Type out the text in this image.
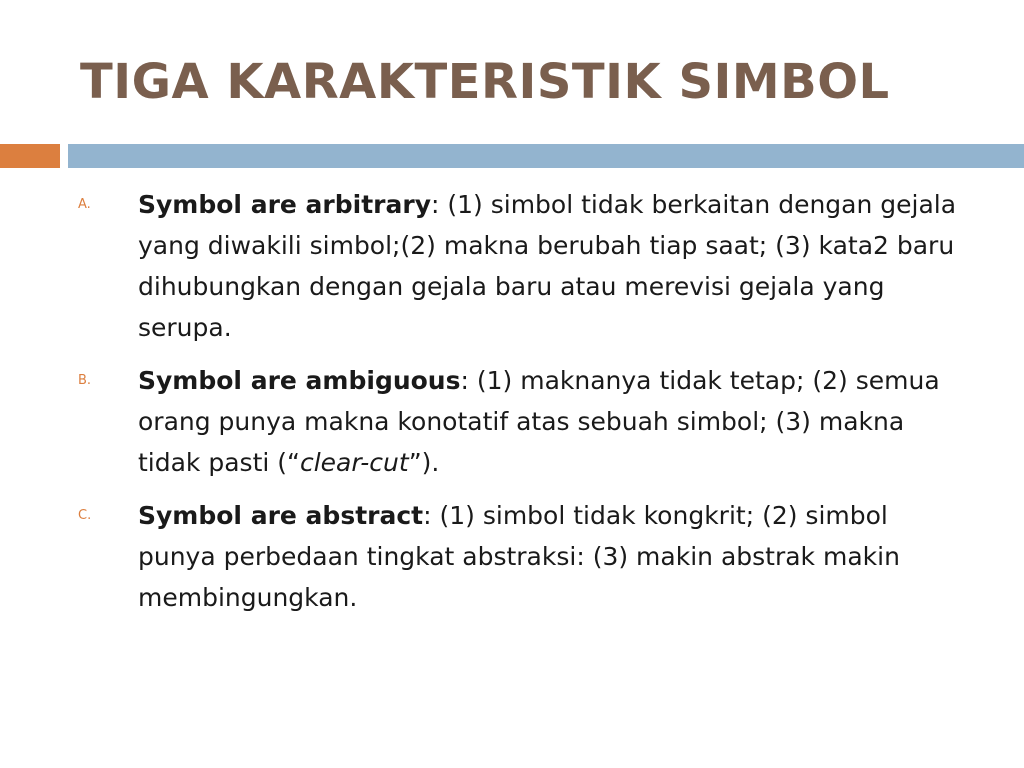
TIGA KARAKTERISTIK SIMBOL
A. Symbol are arbitrary: (1) simbol tidak berkaitan dengan gejala yang diwakili simbol;(2) makna berubah tiap saat; (3) kata2 baru dihubungkan dengan gejala baru atau merevisi gejala yang serupa.
B. Symbol are ambiguous: (1) maknanya tidak tetap; (2) semua orang punya makna konotatif atas sebuah simbol; (3) makna tidak pasti (“clear-cut”).
C. Symbol are abstract: (1) simbol tidak kongkrit; (2) simbol punya perbedaan tingkat abstraksi: (3) makin abstrak makin membingungkan.
